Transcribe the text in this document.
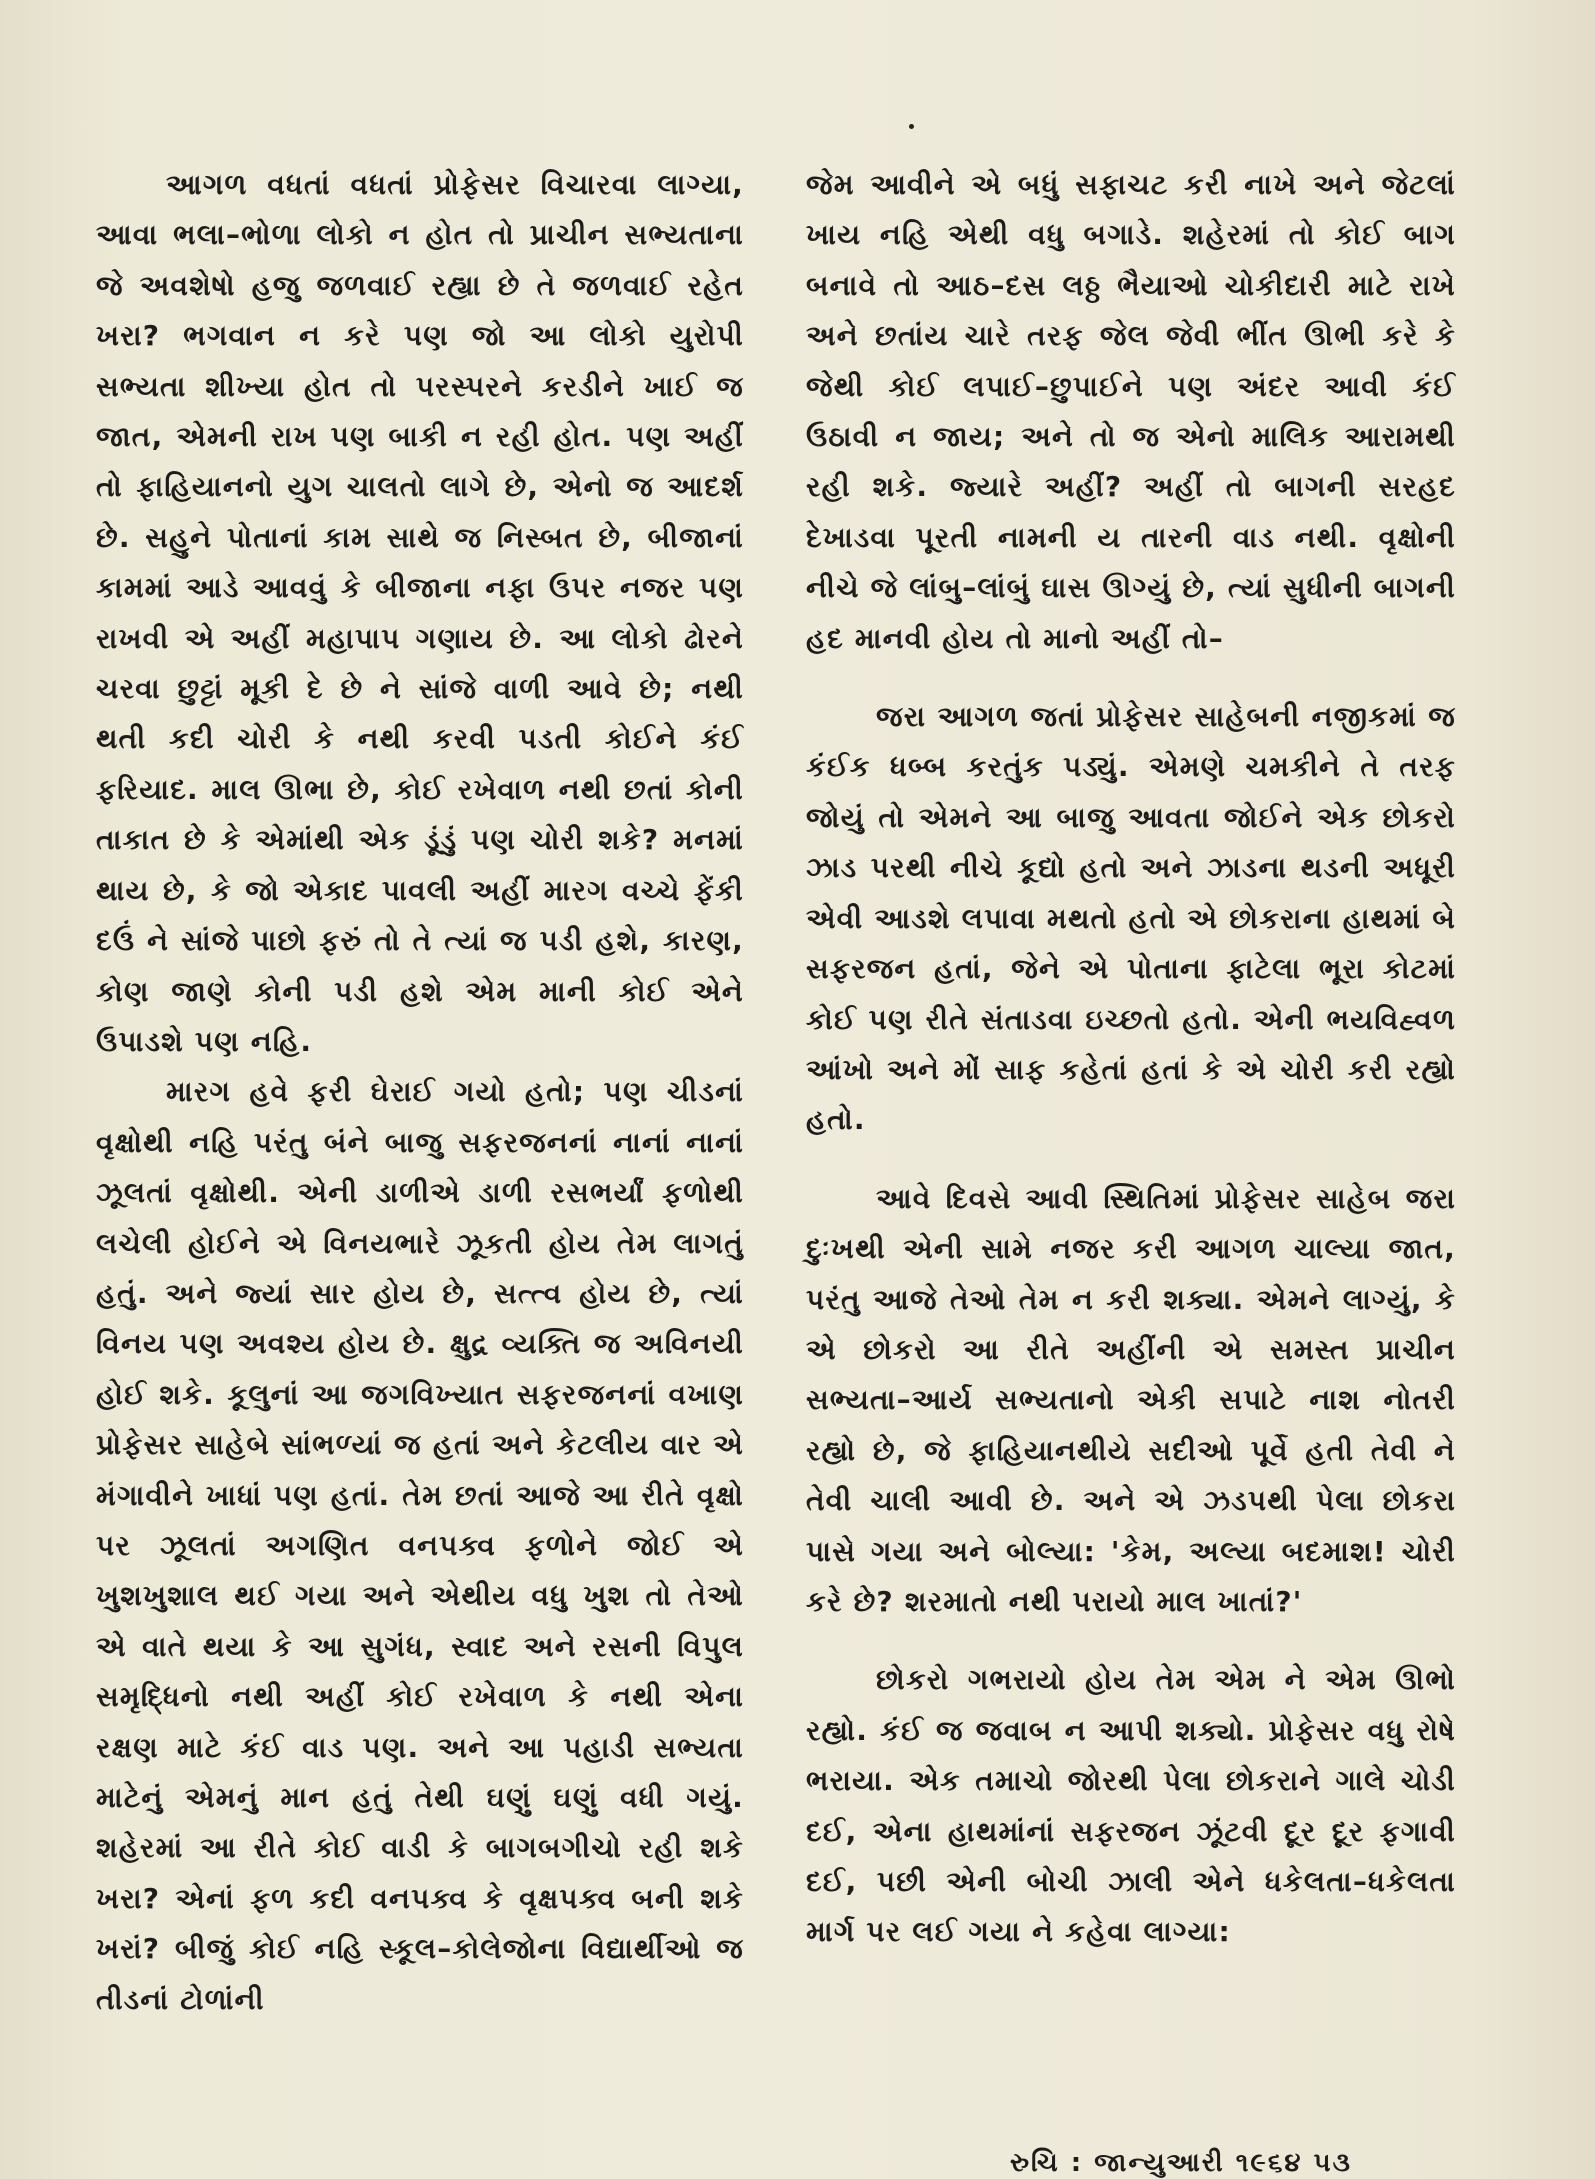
આગળ વધતાં વધતાં પ્રોફેસર વિચારવા લાગ્યા, આવા ભલા–ભોળા લોકો ન હોત તો પ્રાચીન સભ્યતાના જે અવશેષો હજુ જળવાઈ રહ્યા છે તે જળવાઈ રહેત ખરા? ભગવાન ન કરે પણ જો આ લોકો યુરોપી સભ્યતા શીખ્યા હોત તો પરસ્પરને કરડીને ખાઈ જ જાત, એમની રાખ પણ બાકી ન રહી હોત. પણ અહીં તો ફાહિયાનનો યુગ ચાલતો લાગે છે, એનો જ આદર્શ છે. સહુને પોતાનાં કામ સાથે જ નિસ્બત છે, બીજાનાં કામમાં આડે આવવું કે બીજાના નફા ઉપર નજર પણ રાખવી એ અહીં મહાપાપ ગણાય છે. આ લોકો ઢોરને ચરવા છુટ્ટાં મૂકી દે છે ને સાંજે વાળી આવે છે; નથી થતી કદી ચોરી કે નથી કરવી પડતી કોઈને કંઈ ફરિયાદ. માલ ઊભા છે, કોઈ રખેવાળ નથી છતાં કોની તાકાત છે કે એમાંથી એક ડૂંડું પણ ચોરી શકે? મનમાં થાય છે, કે જો એકાદ પાવલી અહીં મારગ વચ્ચે ફેંકી દઉં ને સાંજે પાછો ફરું તો તે ત્યાં જ પડી હશે, કારણ, કોણ જાણે કોની પડી હશે એમ માની કોઈ એને ઉપાડશે પણ નહિ.

મારગ હવે ફરી ઘેરાઈ ગયો હતો; પણ ચીડનાં વૃક્ષોથી નહિ પરંતુ બંને બાજુ સફરજનનાં નાનાં નાનાં ઝૂલતાં વૃક્ષોથી. એની ડાળીએ ડાળી રસભર્યાં ફળોથી લચેલી હોઈને એ વિનયભારે ઝૂકતી હોય તેમ લાગતું હતું. અને જ્યાં સાર હોય છે, સત્ત્વ હોય છે, ત્યાં વિનય પણ અવશ્ય હોય છે. ક્ષુદ્ર વ્યક્તિ જ અવિનયી હોઈ શકે. કૂલુનાં આ જગવિખ્યાત સફરજનનાં વખાણ પ્રોફેસર સાહેબે સાંભળ્યાં જ હતાં અને કેટલીય વાર એ મંગાવીને ખાધાં પણ હતાં. તેમ છતાં આજે આ રીતે વૃક્ષો પર ઝૂલતાં અગણિત વનપક્વ ફળોને જોઈ એ ખુશખુશાલ થઈ ગયા અને એથીય વધુ ખુશ તો તેઓ એ વાતે થયા કે આ સુગંધ, સ્વાદ અને રસની વિપુલ સમૃદ્ધિનો નથી અહીં કોઈ રખેવાળ કે નથી એના રક્ષણ માટે કંઈ વાડ પણ. અને આ પહાડી સભ્યતા માટેનું એમનું માન હતું તેથી ઘણું ઘણું વધી ગયું. શહેરમાં આ રીતે કોઈ વાડી કે બાગબગીચો રહી શકે ખરા? એનાં ફળ કદી વનપક્વ કે વૃક્ષપક્વ બની શકે ખરાં? બીજું કોઈ નહિ સ્કૂલ–કોલેજોના વિદ્યાર્થીઓ જ તીડનાં ટોળાંની

જેમ આવીને એ બધું સફાચટ કરી નાખે અને જેટલાં ખાય નહિ એથી વધુ બગાડે. શહેરમાં તો કોઈ બાગ બનાવે તો આઠ–દસ લઠ્ઠ ભૈયાઓ ચોકીદારી માટે રાખે અને છતાંય ચારે તરફ જેલ જેવી ભીંત ઊભી કરે કે જેથી કોઈ લપાઈ–છુપાઈને પણ અંદર આવી કંઈ ઉઠાવી ન જાય; અને તો જ એનો માલિક આરામથી રહી શકે. જ્યારે અહીં? અહીં તો બાગની સરહદ દેખાડવા પૂરતી નામની ય તારની વાડ નથી. વૃક્ષોની નીચે જે લાંબુ–લાંબું ઘાસ ઊગ્યું છે, ત્યાં સુધીની બાગની હદ માનવી હોય તો માનો અહીં તો–

જરા આગળ જતાં પ્રોફેસર સાહેબની નજીકમાં જ કંઈક ધબ્બ કરતુંક પડ્યું. એમણે ચમકીને તે તરફ જોયું તો એમને આ બાજુ આવતા જોઈને એક છોકરો ઝાડ પરથી નીચે કૂદ્યો હતો અને ઝાડના થડની અધૂરી એવી આડશે લપાવા મથતો હતો એ છોકરાના હાથમાં બે સફરજન હતાં, જેને એ પોતાના ફાટેલા ભૂરા કોટમાં કોઈ પણ રીતે સંતાડવા ઇચ્છતો હતો. એની ભયવિહ્વળ આંખો અને મોં સાફ કહેતાં હતાં કે એ ચોરી કરી રહ્યો હતો.

આવે દિવસે આવી સ્થિતિમાં પ્રોફેસર સાહેબ જરા દુઃખથી એની સામે નજર કરી આગળ ચાલ્યા જાત, પરંતુ આજે તેઓ તેમ ન કરી શક્યા. એમને લાગ્યું, કે એ છોકરો આ રીતે અહીંની એ સમસ્ત પ્રાચીન સભ્યતા–આર્ય સભ્યતાનો એકી સપાટે નાશ નોતરી રહ્યો છે, જે ફાહિયાનથીયે સદીઓ પૂર્વે હતી તેવી ને તેવી ચાલી આવી છે. અને એ ઝડપથી પેલા છોકરા પાસે ગયા અને બોલ્યા: 'કેમ, અલ્યા બદમાશ! ચોરી કરે છે? શરમાતો નથી પરાયો માલ ખાતાં?'

છોકરો ગભરાયો હોય તેમ એમ ને એમ ઊભો રહ્યો. કંઈ જ જવાબ ન આપી શક્યો. પ્રોફેસર વધુ રોષે ભરાયા. એક તમાચો જોરથી પેલા છોકરાને ગાલે ચોડી દઈ, એના હાથમાંનાં સફરજન ઝૂંટવી દૂર દૂર ફગાવી દઈ, પછી એની બોચી ઝાલી એને ધકેલતા–ધકેલતા માર્ગ પર લઈ ગયા ને કહેવા લાગ્યા:

રુચિ : જાન્યુઆરી ૧૯૬૪ ૫૩
